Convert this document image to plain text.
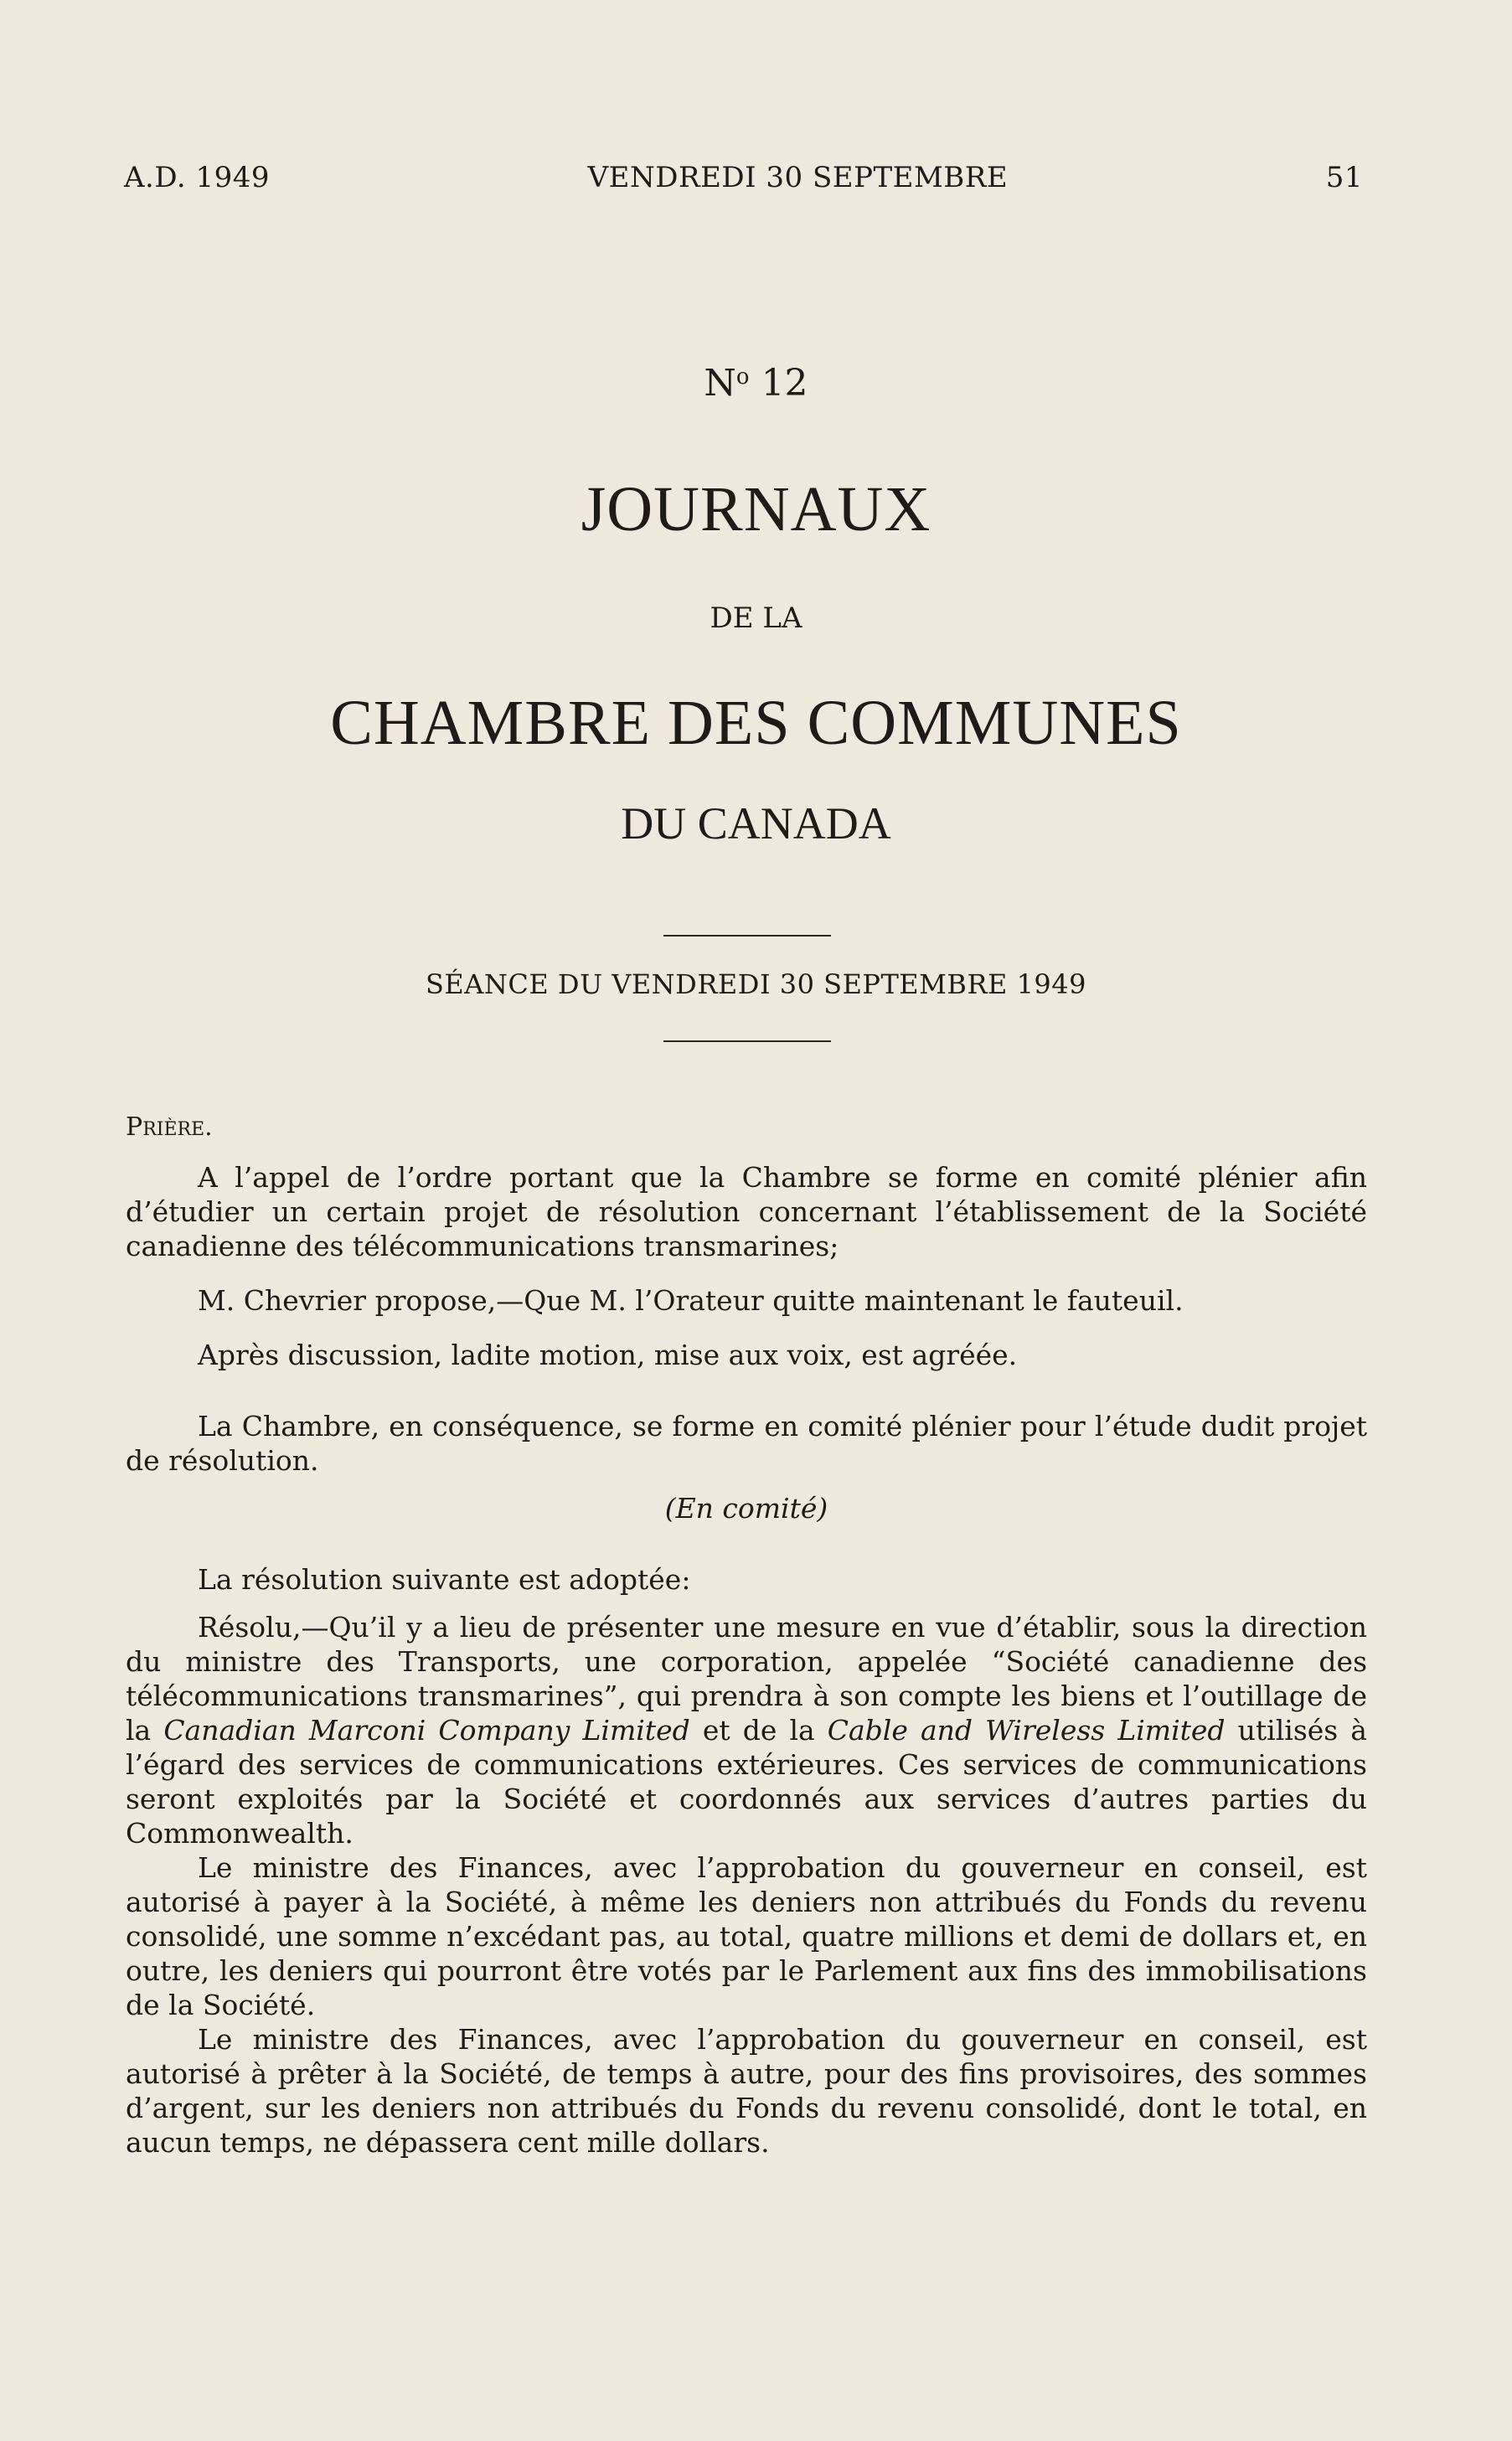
A.D. 1949	VENDREDI 30 SEPTEMBRE	51
$N^o$ 12
JOURNAUX
DE LA
CHAMBRE DES COMMUNES
DU CANADA
SÉANCE DU VENDREDI 30 SEPTEMBRE 1949

PRIÈRE.

A l’appel de l’ordre portant que la Chambre se forme en comité plénier afin d’étudier un certain projet de résolution concernant l’établissement de la Société canadienne des télécommunications transmarines;

M. Chevrier propose,—Que M. l’Orateur quitte maintenant le fauteuil.

Après discussion, ladite motion, mise aux voix, est agréée.

La Chambre, en conséquence, se forme en comité plénier pour l’étude dudit projet de résolution.

(En comité)

La résolution suivante est adoptée:

Résolu,—Qu’il y a lieu de présenter une mesure en vue d’établir, sous la direction du ministre des Transports, une corporation, appelée “Société canadienne des télécommunications transmarines”, qui prendra à son compte les biens et l’outillage de la Canadian Marconi Company Limited et de la Cable and Wireless Limited utilisés à l’égard des services de communications extérieures. Ces services de communications seront exploités par la Société et coordonnés aux services d’autres parties du Commonwealth.

Le ministre des Finances, avec l’approbation du gouverneur en conseil, est autorisé à payer à la Société, à même les deniers non attribués du Fonds du revenu consolidé, une somme n’excédant pas, au total, quatre millions et demi de dollars et, en outre, les deniers qui pourront être votés par le Parlement aux fins des immobilisations de la Société.

Le ministre des Finances, avec l’approbation du gouverneur en conseil, est autorisé à prêter à la Société, de temps à autre, pour des fins provisoires, des sommes d’argent, sur les deniers non attribués du Fonds du revenu consolidé, dont le total, en aucun temps, ne dépassera cent mille dollars.
